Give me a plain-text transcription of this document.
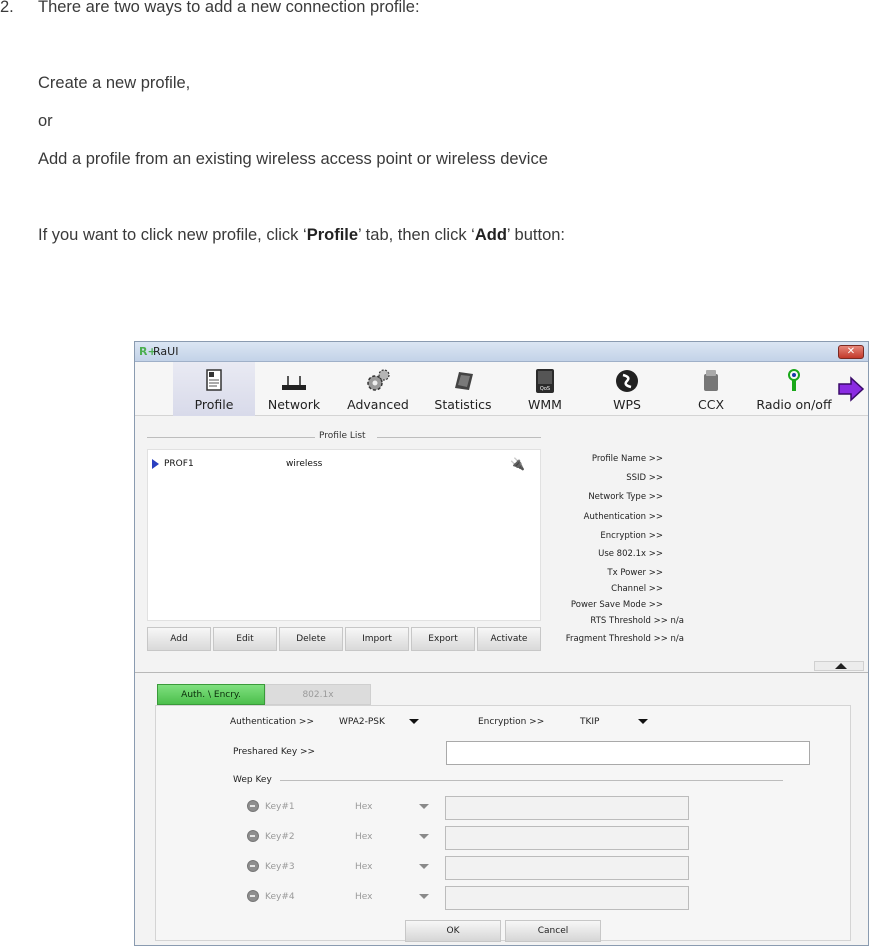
2. There are two ways to add a new connection profile:
Create a new profile,
or
Add a profile from an existing wireless access point or wireless device
If you want to click new profile, click ‘Profile’ tab, then click ‘Add’ button:
R+
RaUI	✕
Profile	Network	Advanced	Statistics
QoS
WMM	WPS	CCX	Radio on/off
Profile List
PROF1	wireless	🔌
Add	Edit	Delete	Import	Export	Activate
Profile Name >>
SSID >>
Network Type >>
Authentication >>
Encryption >>
Use 802.1x >>
Tx Power >>
Channel >>
Power Save Mode >>
RTS Threshold >> n/a
Fragment Threshold >> n/a
Auth. \ Encry.	802.1x
Authentication >>	WPA2-PSK	Encryption >>	TKIP
Preshared Key >>
Wep Key
Key#1	Hex
Key#2	Hex
Key#3	Hex
Key#4	Hex
OK	Cancel
